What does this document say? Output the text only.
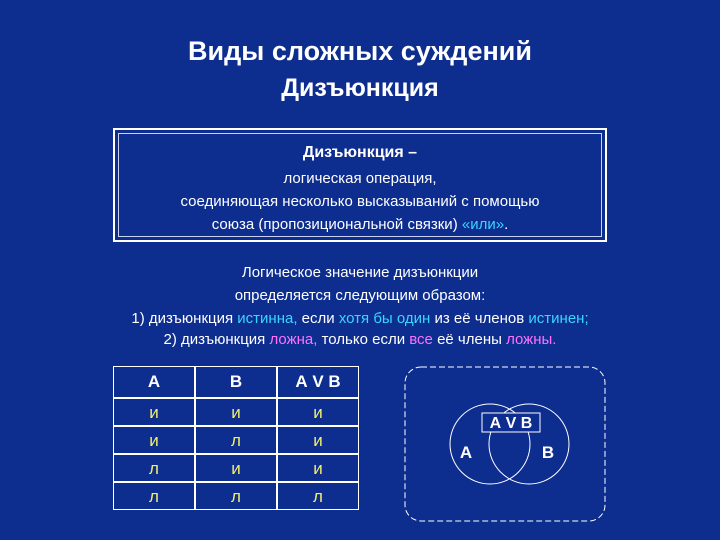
Виды сложных суждений
Дизъюнкция
Дизъюнкция –
логическая операция,
соединяющая несколько высказываний с помощью
союза (пропозициональной связки) «или».
Логическое значение дизъюнкции
определяется следующим образом:
1) дизъюнкция истинна, если хотя бы один из её членов истинен;
2) дизъюнкция ложна, только если все её члены ложны.
А	В	А V В
и	и	и
и	л	и
л	и	и
л	л	л
А V В
А	В
